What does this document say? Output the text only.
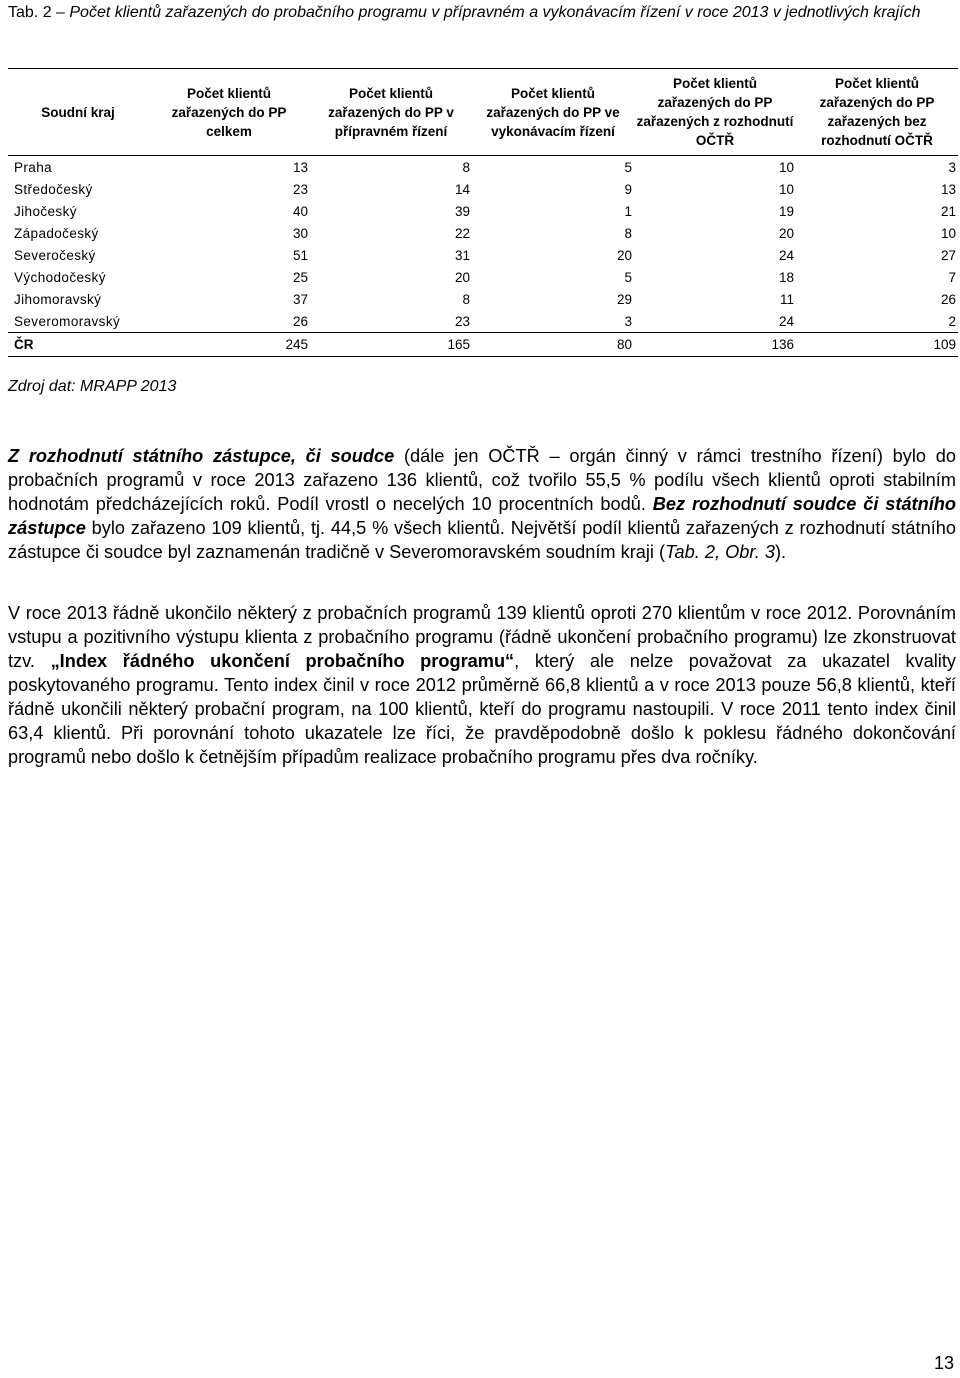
Tab. 2 – Počet klientů zařazených do probačního programu v přípravném a vykonávacím řízení v roce 2013 v jednotlivých krajích
Soudní kraj	Počet klientů zařazených do PP celkem	Počet klientů zařazených do PP v přípravném řízení	Počet klientů zařazených do PP ve vykonávacím řízení	Počet klientů zařazených do PP zařazených z rozhodnutí OČTŘ	Počet klientů zařazených do PP zařazených bez rozhodnutí OČTŘ
Praha	13	8	5	10	3
Středočeský	23	14	9	10	13
Jihočeský	40	39	1	19	21
Západočeský	30	22	8	20	10
Severočeský	51	31	20	24	27
Východočeský	25	20	5	18	7
Jihomoravský	37	8	29	11	26
Severomoravský	26	23	3	24	2
ČR	245	165	80	136	109
Zdroj dat: MRAPP 2013
Z rozhodnutí státního zástupce, či soudce (dále jen OČTŘ – orgán činný v rámci trestního řízení) bylo do probačních programů v roce 2013 zařazeno 136 klientů, což tvořilo 55,5 % podílu všech klientů oproti stabilním hodnotám předcházejících roků. Podíl vrostl o necelých 10 procentních bodů. Bez rozhodnutí soudce či státního zástupce bylo zařazeno 109 klientů, tj. 44,5 % všech klientů. Největší podíl klientů zařazených z rozhodnutí státního zástupce či soudce byl zaznamenán tradičně v Severomoravském soudním kraji (Tab. 2, Obr. 3).
V roce 2013 řádně ukončilo některý z probačních programů 139 klientů oproti 270 klientům v roce 2012. Porovnáním vstupu a pozitivního výstupu klienta z probačního programu (řádně ukončení probačního programu) lze zkonstruovat tzv. „Index řádného ukončení probačního programu“, který ale nelze považovat za ukazatel kvality poskytovaného programu. Tento index činil v roce 2012 průměrně 66,8 klientů a v roce 2013 pouze 56,8 klientů, kteří řádně ukončili některý probační program, na 100 klientů, kteří do programu nastoupili. V roce 2011 tento index činil 63,4 klientů. Při porovnání tohoto ukazatele lze říci, že pravděpodobně došlo k poklesu řádného dokončování programů nebo došlo k četnějším případům realizace probačního programu přes dva ročníky.
13
